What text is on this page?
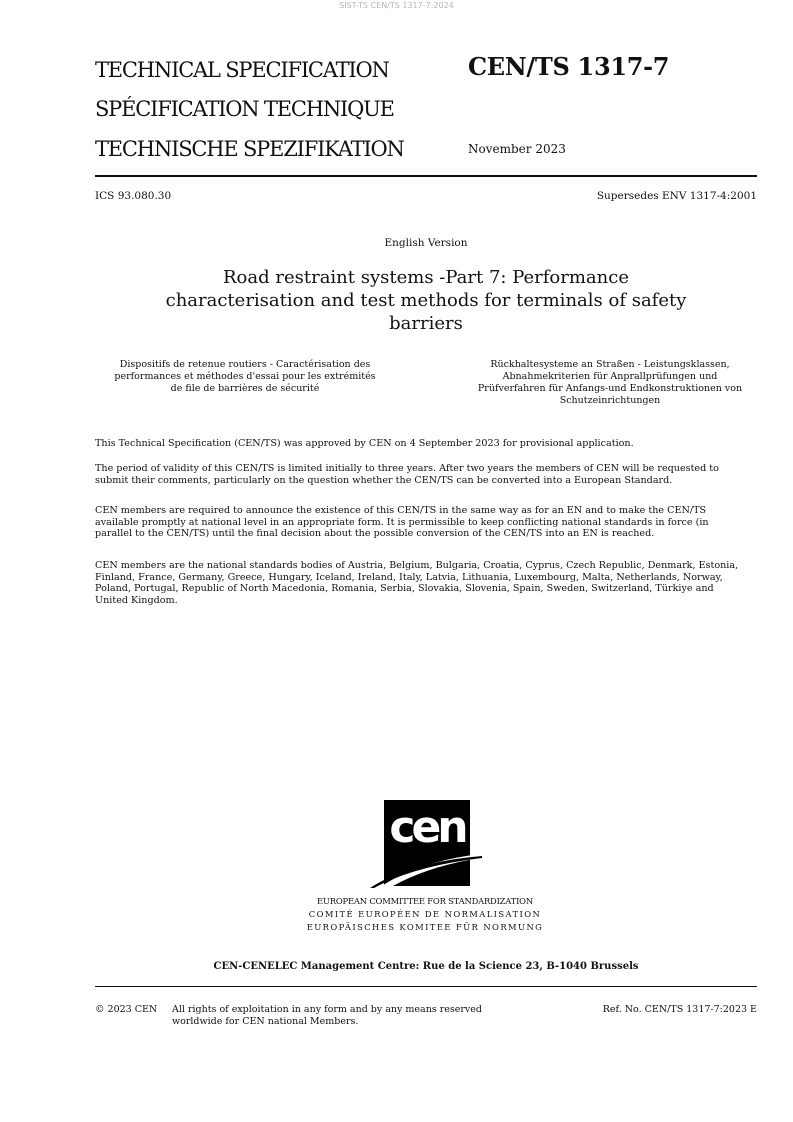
SIST-TS CEN/TS 1317-7:2024
TECHNICAL SPECIFICATION
SPÉCIFICATION TECHNIQUE
TECHNISCHE SPEZIFIKATION
CEN/TS 1317-7
November 2023
ICS 93.080.30	Supersedes ENV 1317-4:2001
English Version
Road restraint systems -Part 7: Performance
characterisation and test methods for terminals of safety
barriers
Dispositifs de retenue routiers - Caractérisation des
performances et méthodes d'essai pour les extrémités
de file de barrières de sécurité
Rückhaltesysteme an Straßen - Leistungsklassen,
Abnahmekriterien für Anprallprüfungen und
Prüfverfahren für Anfangs-und Endkonstruktionen von
Schutzeinrichtungen
This Technical Specification (CEN/TS) was approved by CEN on 4 September 2023 for provisional application.
The period of validity of this CEN/TS is limited initially to three years. After two years the members of CEN will be requested to
submit their comments, particularly on the question whether the CEN/TS can be converted into a European Standard.
CEN members are required to announce the existence of this CEN/TS in the same way as for an EN and to make the CEN/TS
available promptly at national level in an appropriate form. It is permissible to keep conflicting national standards in force (in
parallel to the CEN/TS) until the final decision about the possible conversion of the CEN/TS into an EN is reached.
CEN members are the national standards bodies of Austria, Belgium, Bulgaria, Croatia, Cyprus, Czech Republic, Denmark, Estonia,
Finland, France, Germany, Greece, Hungary, Iceland, Ireland, Italy, Latvia, Lithuania, Luxembourg, Malta, Netherlands, Norway,
Poland, Portugal, Republic of North Macedonia, Romania, Serbia, Slovakia, Slovenia, Spain, Sweden, Switzerland, Türkiye and
United Kingdom.
cen
EUROPEAN COMMITTEE FOR STANDARDIZATION
COMITÉ EUROPÉEN DE NORMALISATION
EUROPÄISCHES KOMITEE FÜR NORMUNG
CEN-CENELEC Management Centre: Rue de la Science 23, B-1040 Brussels
© 2023 CEN All rights of exploitation in any form and by any means reserved
worldwide for CEN national Members.
Ref. No. CEN/TS 1317-7:2023 E
